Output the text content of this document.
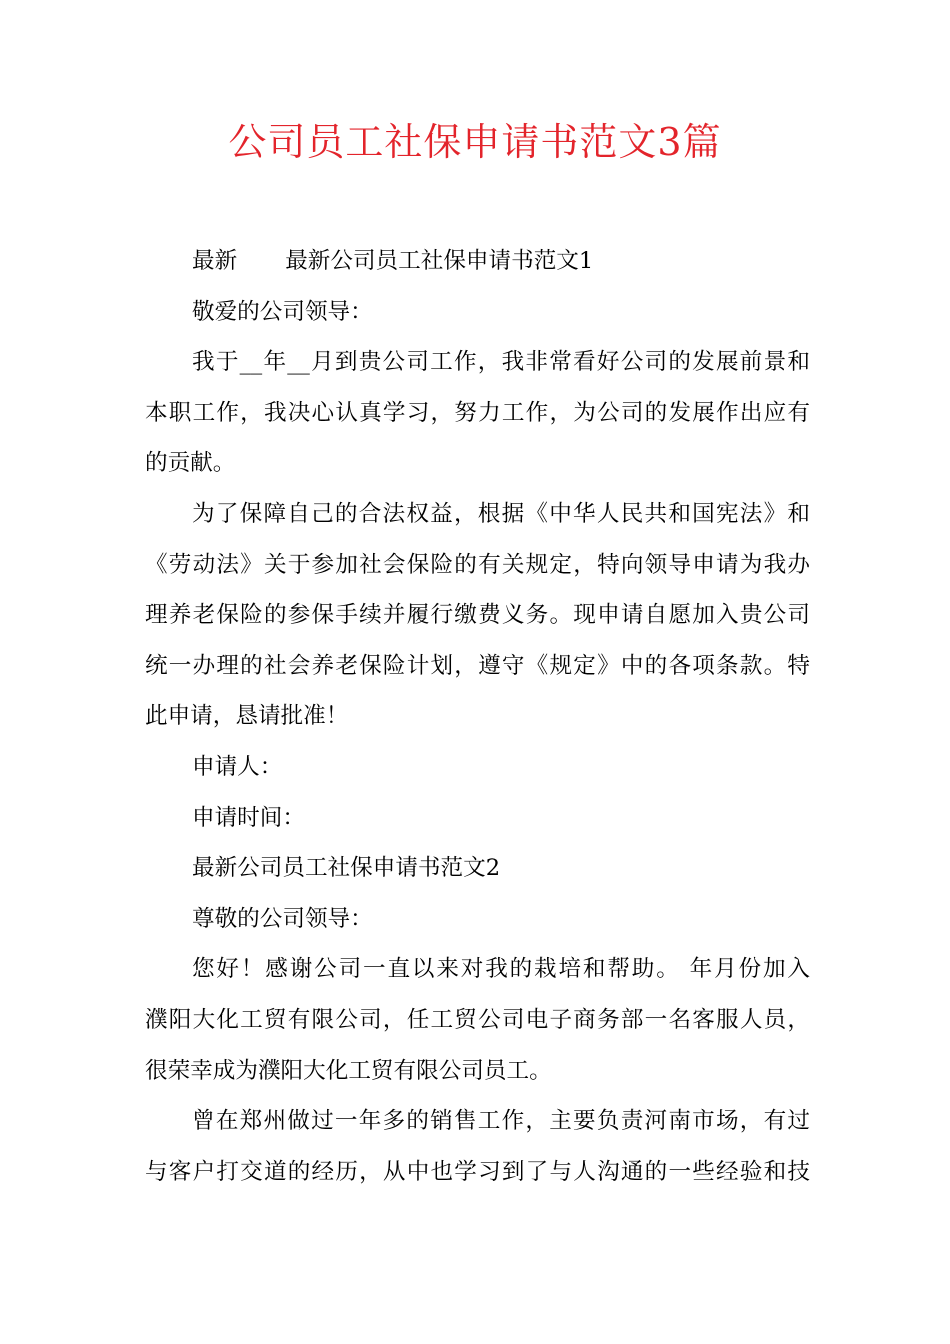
公司员工社保申请书范文3篇
最新 最新公司员工社保申请书范文1
敬爱的公司领导：
我于__年__月到贵公司工作，我非常看好公司的发展前景和
本职工作，我决心认真学习，努力工作，为公司的发展作出应有
的贡献。
为了保障自己的合法权益，根据《中华人民共和国宪法》和
《劳动法》关于参加社会保险的有关规定，特向领导申请为我办
理养老保险的参保手续并履行缴费义务。现申请自愿加入贵公司
统一办理的社会养老保险计划，遵守《规定》中的各项条款。特
此申请，恳请批准！
申请人：
申请时间：
最新公司员工社保申请书范文2
尊敬的公司领导：
您好！感谢公司一直以来对我的栽培和帮助。 年月份加入
濮阳大化工贸有限公司，任工贸公司电子商务部一名客服人员，
很荣幸成为濮阳大化工贸有限公司员工。
曾在郑州做过一年多的销售工作，主要负责河南市场，有过
与客户打交道的经历，从中也学习到了与人沟通的一些经验和技
